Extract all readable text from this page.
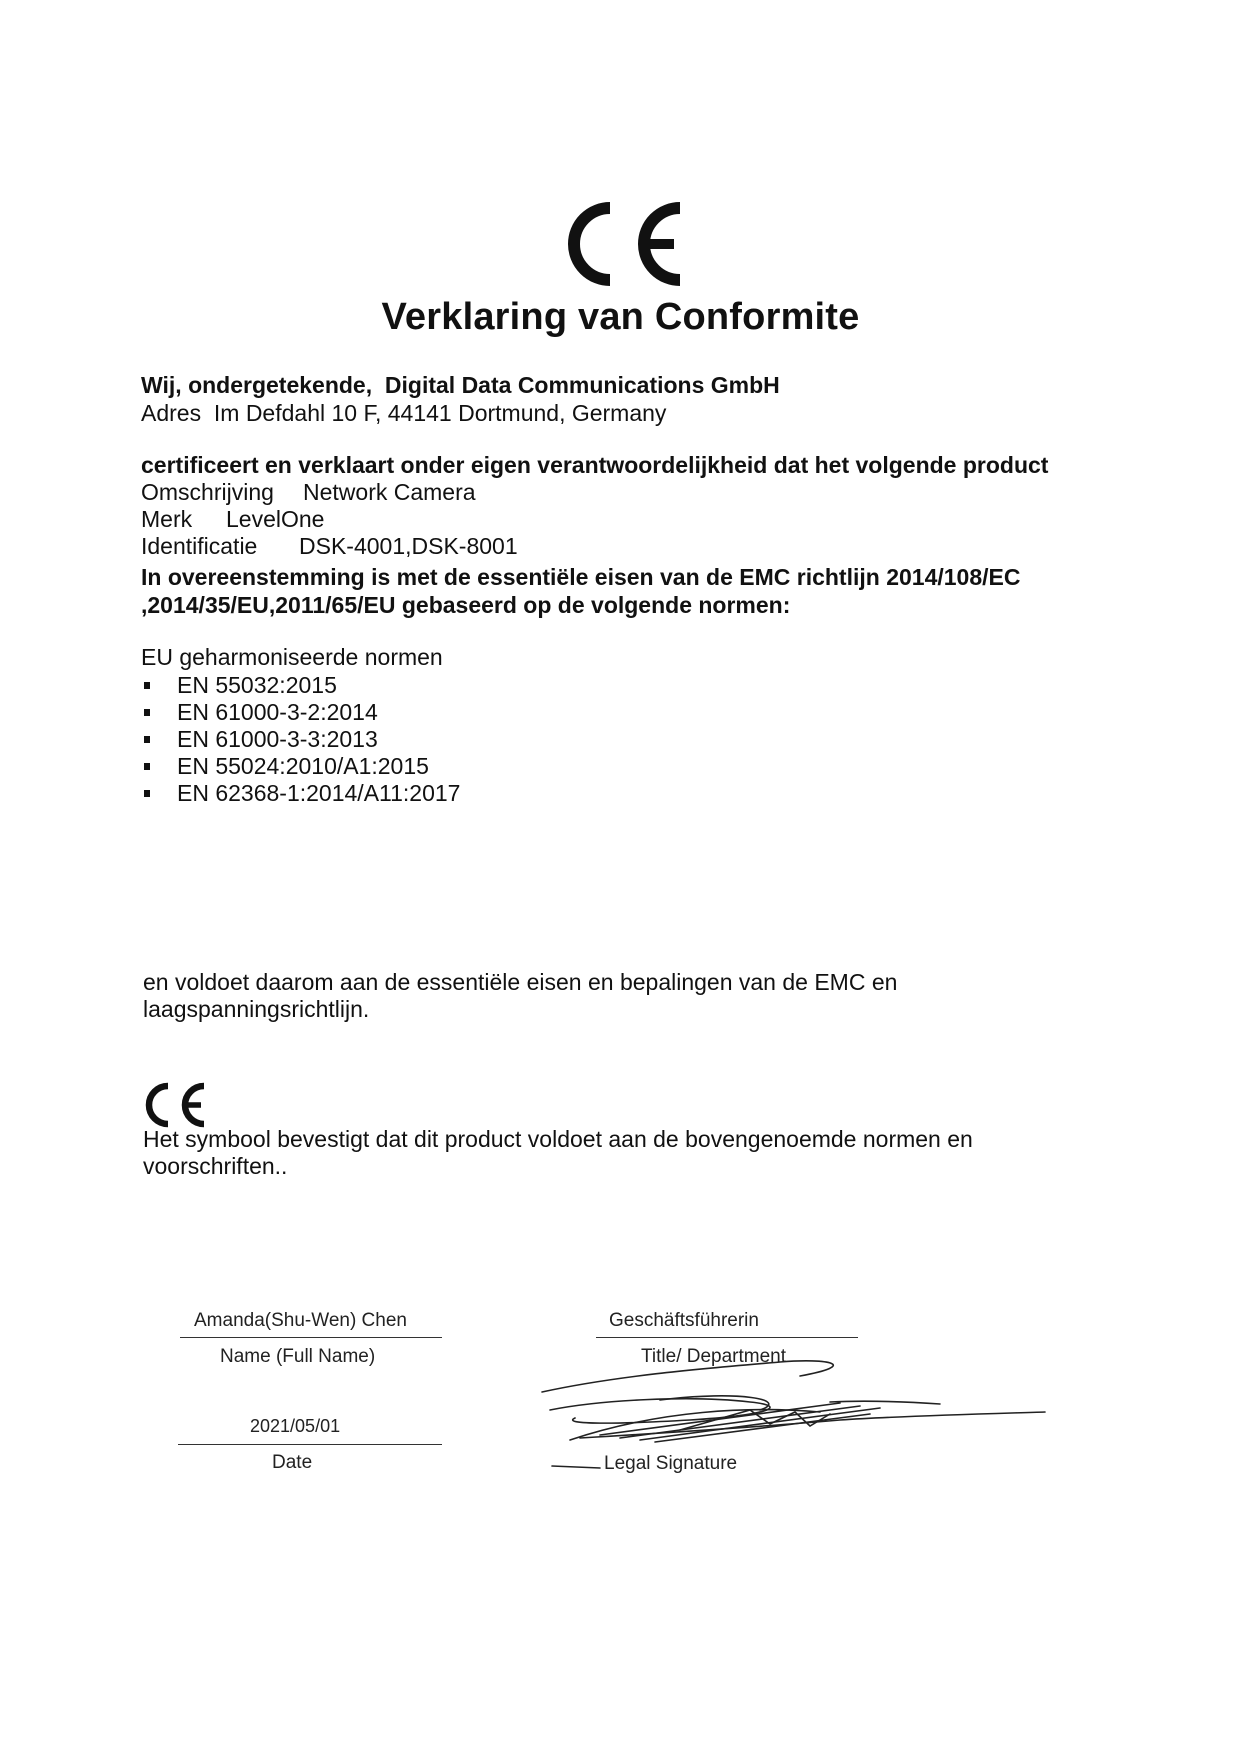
Verklaring van Conformite
Wij, ondergetekende, Digital Data Communications GmbH
Adres Im Defdahl 10 F, 44141 Dortmund, Germany
certificeert en verklaart onder eigen verantwoordelijkheid dat het volgende product
Omschrijving Network Camera
Merk LevelOne
Identificatie DSK-4001,DSK-8001
In overeenstemming is met de essentiële eisen van de EMC richtlijn 2014/108/EC
,2014/35/EU,2011/65/EU gebaseerd op de volgende normen:
EU geharmoniseerde normen
EN 55032:2015
EN 61000-3-2:2014
EN 61000-3-3:2013
EN 55024:2010/A1:2015
EN 62368-1:2014/A11:2017
en voldoet daarom aan de essentiële eisen en bepalingen van de EMC en
laagspanningsrichtlijn.
Het symbool bevestigt dat dit product voldoet aan de bovengenoemde normen en
voorschriften..
Amanda(Shu-Wen) Chen
Name (Full Name)
2021/05/01
Date
Geschäftsführerin
Title/ Department
Legal Signature
